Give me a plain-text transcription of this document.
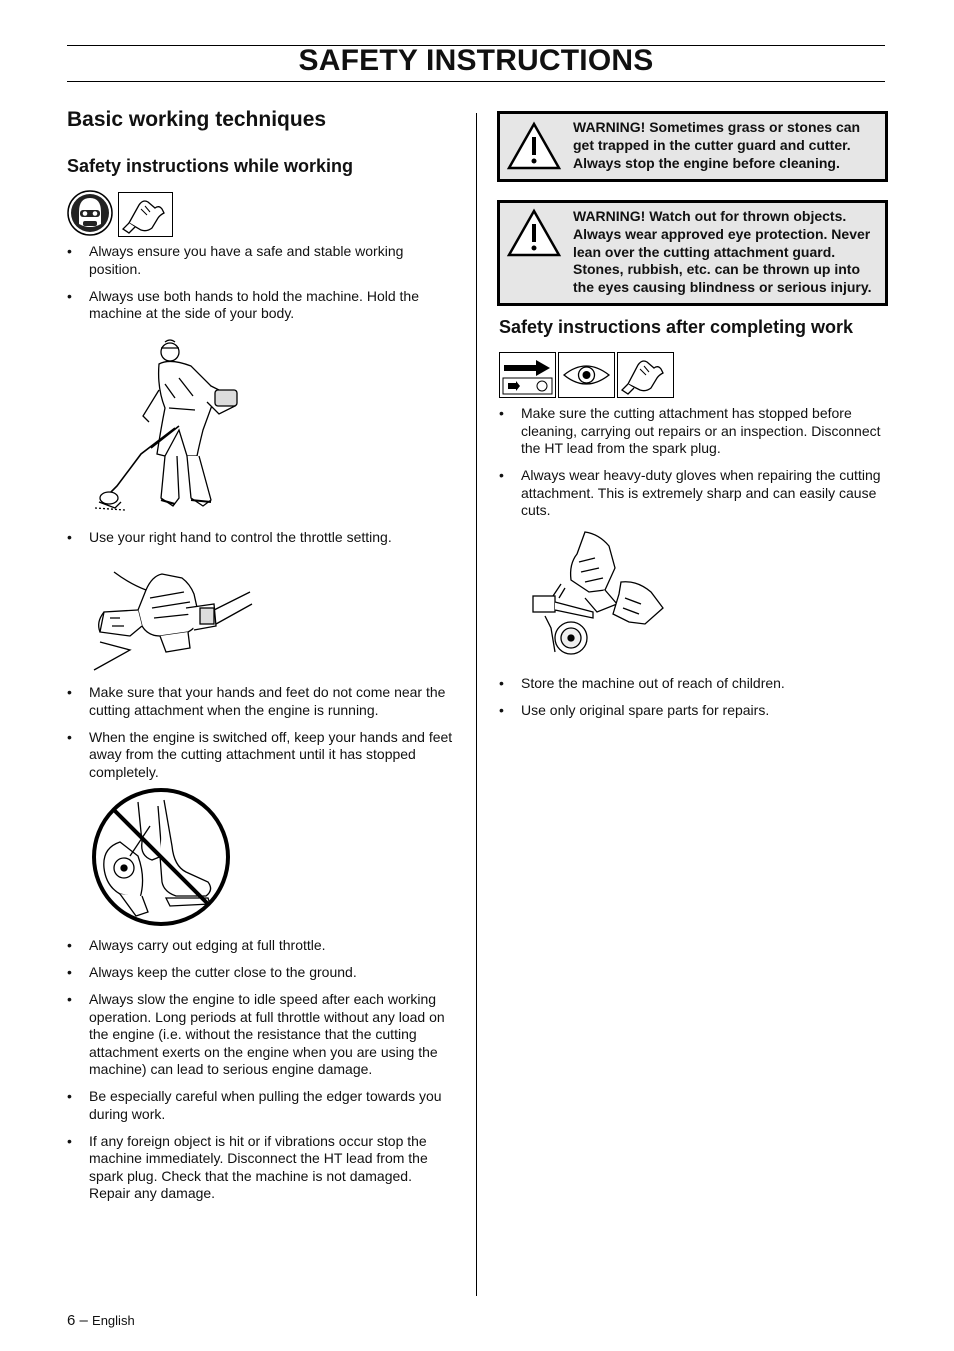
SAFETY INSTRUCTIONS
Basic working techniques
Safety instructions while working
• Always ensure you have a safe and stable working position.
• Always use both hands to hold the machine. Hold the machine at the side of your body.
• Use your right hand to control the throttle setting.
• Make sure that your hands and feet do not come near the cutting attachment when the engine is running.
• When the engine is switched off, keep your hands and feet away from the cutting attachment until it has stopped completely.
• Always carry out edging at full throttle.
• Always keep the cutter close to the ground.
• Always slow the engine to idle speed after each working operation. Long periods at full throttle without any load on the engine (i.e. without the resistance that the cutting attachment exerts on the engine when you are using the machine) can lead to serious engine damage.
• Be especially careful when pulling the edger towards you during work.
• If any foreign object is hit or if vibrations occur stop the machine immediately. Disconnect the HT lead from the spark plug. Check that the machine is not damaged. Repair any damage.
WARNING! Sometimes grass or stones can get trapped in the cutter guard and cutter. Always stop the engine before cleaning.
WARNING! Watch out for thrown objects. Always wear approved eye protection. Never lean over the cutting attachment guard. Stones, rubbish, etc. can be thrown up into the eyes causing blindness or serious injury.
Safety instructions after completing work
• Make sure the cutting attachment has stopped before cleaning, carrying out repairs or an inspection. Disconnect the HT lead from the spark plug.
• Always wear heavy-duty gloves when repairing the cutting attachment. This is extremely sharp and can easily cause cuts.
• Store the machine out of reach of children.
• Use only original spare parts for repairs.
6 – English
